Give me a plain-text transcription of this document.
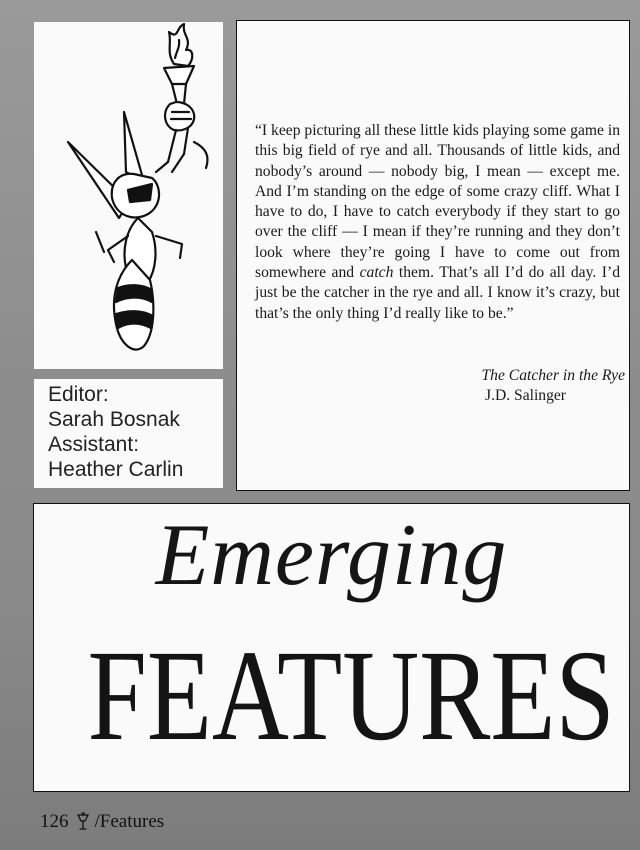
Editor:
Sarah Bosnak
Assistant:
Heather Carlin
“I keep picturing all these little kids playing some game in this big field of rye and all. Thousands of little kids, and nobody’s around — nobody big, I mean — except me. And I’m standing on the edge of some crazy cliff. What I have to do, I have to catch everybody if they start to go over the cliff — I mean if they’re running and they don’t look where they’re going I have to come out from somewhere and catch them. That’s all I’d do all day. I’d just be the catcher in the rye and all. I know it’s crazy, but that’s the only thing I’d really like to be.”
The Catcher in the Rye
J.D. Salinger
Emerging
FEATURES
126 /Features
